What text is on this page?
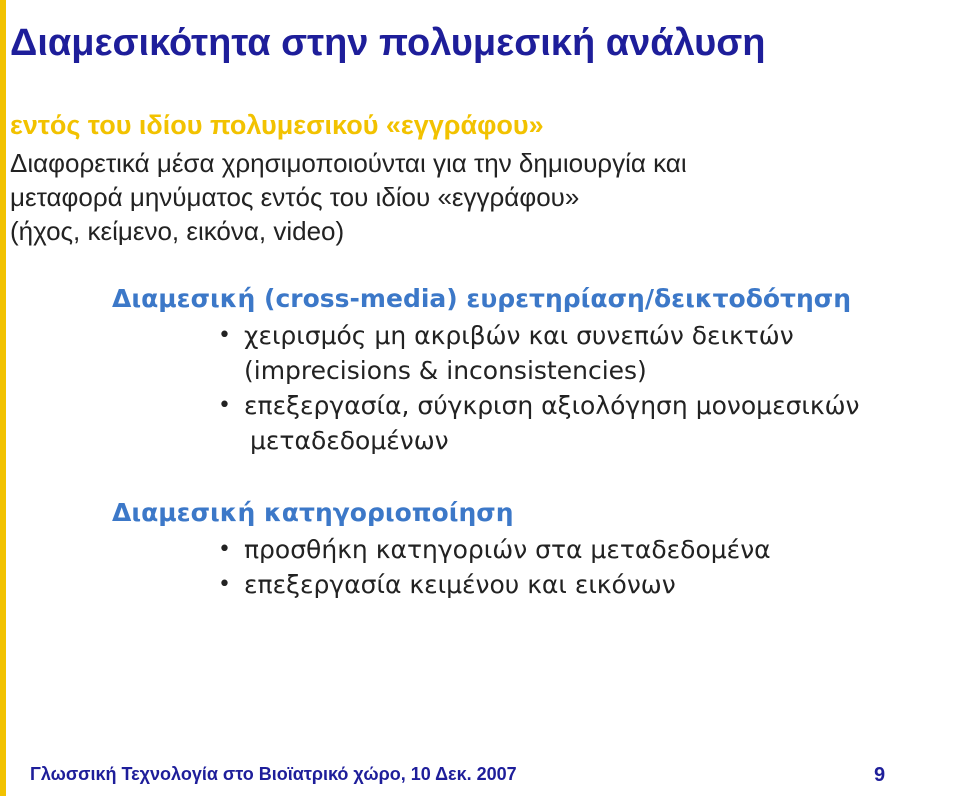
Διαμεσικότητα στην πολυμεσική ανάλυση
εντός του ιδίου πολυμεσικού «εγγράφου»
Διαφορετικά μέσα χρησιμοποιούνται για την δημιουργία και
μεταφορά μηνύματος εντός του ιδίου «εγγράφου»
(ήχος, κείμενο, εικόνα, video)
Διαμεσική (cross-media) ευρετηρίαση/δεικτοδότηση
• χειρισμός μη ακριβών και συνεπών δεικτών
(imprecisions & inconsistencies)
• επεξεργασία, σύγκριση αξιολόγηση μονομεσικών
μεταδεδομένων
Διαμεσική κατηγοριοποίηση
• προσθήκη κατηγοριών στα μεταδεδομένα
• επεξεργασία κειμένου και εικόνων
Γλωσσική Τεχνολογία στο Βιοϊατρικό χώρο, 10 Δεκ. 2007	9
